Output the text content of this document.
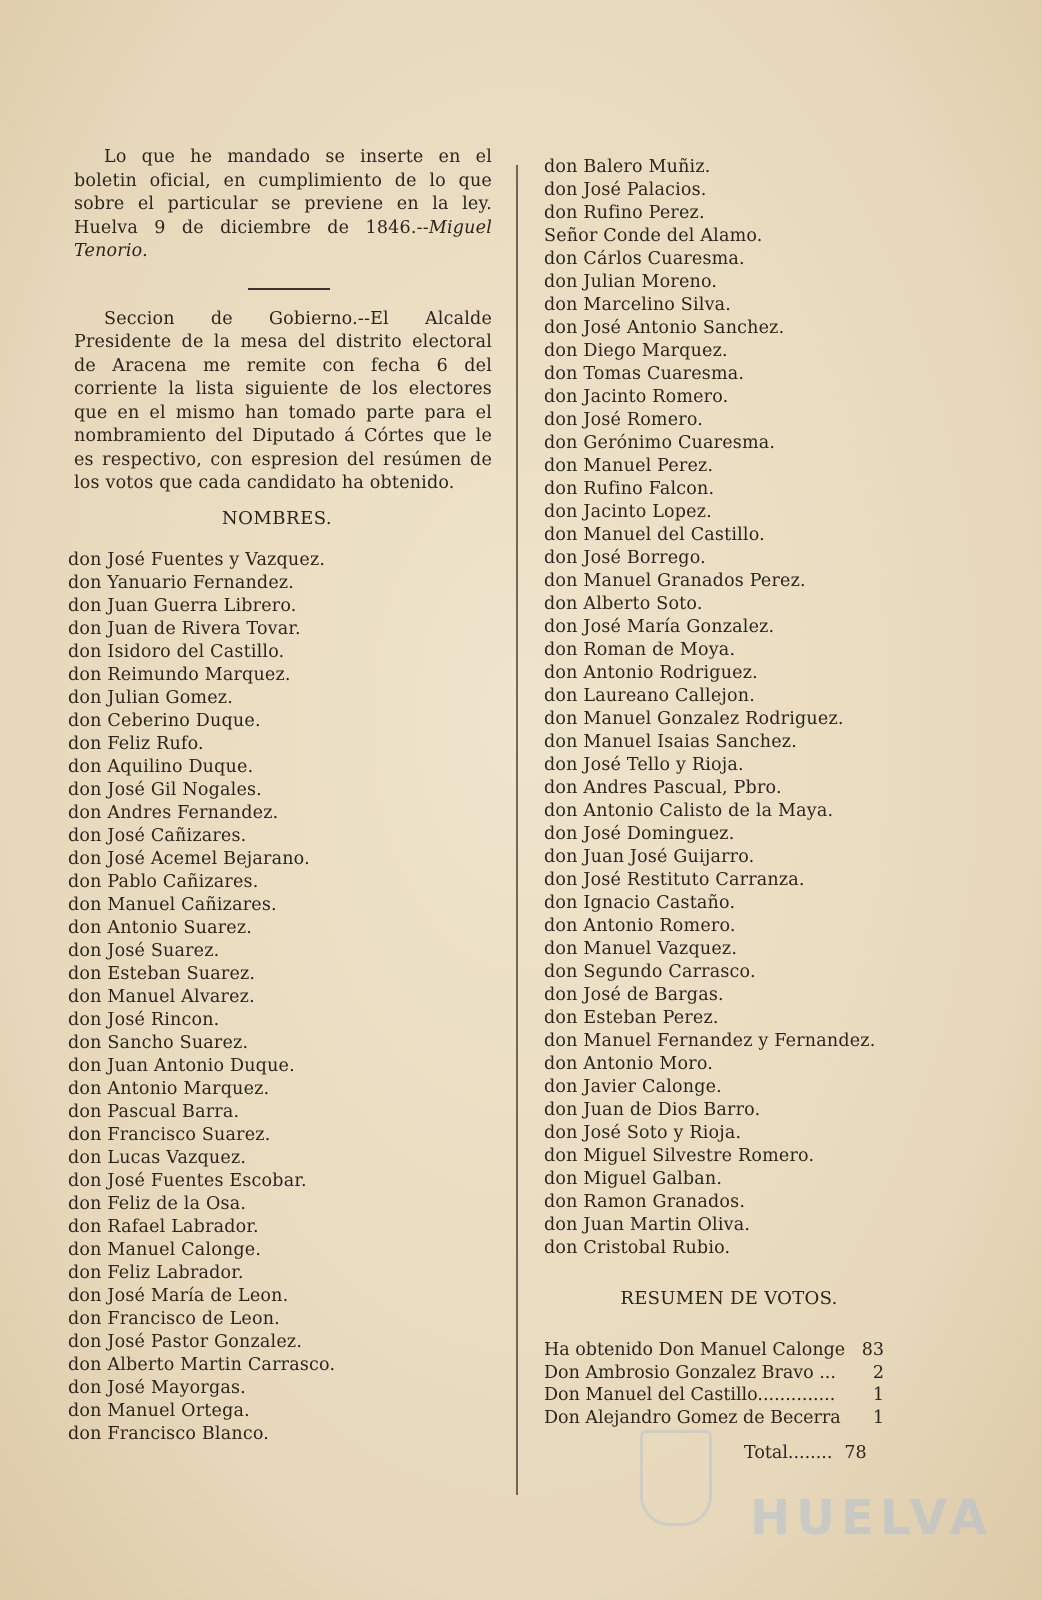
Lo que he mandado se inserte en el boletin oficial, en cumplimiento de lo que sobre el particular se previene en la ley. Huelva 9 de diciembre de 1846.--Miguel Tenorio.

Seccion de Gobierno.--El Alcalde Presidente de la mesa del distrito electoral de Aracena me remite con fecha 6 del corriente la lista siguiente de los electores que en el mismo han tomado parte para el nombramiento del Diputado á Córtes que le es respectivo, con espresion del resúmen de los votos que cada candidato ha obtenido.

NOMBRES.
don José Fuentes y Vazquez.
don Yanuario Fernandez.
don Juan Guerra Librero.
don Juan de Rivera Tovar.
don Isidoro del Castillo.
don Reimundo Marquez.
don Julian Gomez.
don Ceberino Duque.
don Feliz Rufo.
don Aquilino Duque.
don José Gil Nogales.
don Andres Fernandez.
don José Cañizares.
don José Acemel Bejarano.
don Pablo Cañizares.
don Manuel Cañizares.
don Antonio Suarez.
don José Suarez.
don Esteban Suarez.
don Manuel Alvarez.
don José Rincon.
don Sancho Suarez.
don Juan Antonio Duque.
don Antonio Marquez.
don Pascual Barra.
don Francisco Suarez.
don Lucas Vazquez.
don José Fuentes Escobar.
don Feliz de la Osa.
don Rafael Labrador.
don Manuel Calonge.
don Feliz Labrador.
don José María de Leon.
don Francisco de Leon.
don José Pastor Gonzalez.
don Alberto Martin Carrasco.
don José Mayorgas.
don Manuel Ortega.
don Francisco Blanco.
don Balero Muñiz.
don José Palacios.
don Rufino Perez.
Señor Conde del Alamo.
don Cárlos Cuaresma.
don Julian Moreno.
don Marcelino Silva.
don José Antonio Sanchez.
don Diego Marquez.
don Tomas Cuaresma.
don Jacinto Romero.
don José Romero.
don Gerónimo Cuaresma.
don Manuel Perez.
don Rufino Falcon.
don Jacinto Lopez.
don Manuel del Castillo.
don José Borrego.
don Manuel Granados Perez.
don Alberto Soto.
don José María Gonzalez.
don Roman de Moya.
don Antonio Rodriguez.
don Laureano Callejon.
don Manuel Gonzalez Rodriguez.
don Manuel Isaias Sanchez.
don José Tello y Rioja.
don Andres Pascual, Pbro.
don Antonio Calisto de la Maya.
don José Dominguez.
don Juan José Guijarro.
don José Restituto Carranza.
don Ignacio Castaño.
don Antonio Romero.
don Manuel Vazquez.
don Segundo Carrasco.
don José de Bargas.
don Esteban Perez.
don Manuel Fernandez y Fernandez.
don Antonio Moro.
don Javier Calonge.
don Juan de Dios Barro.
don José Soto y Rioja.
don Miguel Silvestre Romero.
don Miguel Galban.
don Ramon Granados.
don Juan Martin Oliva.
don Cristobal Rubio.
RESUMEN DE VOTOS.
Ha obtenido Don Manuel Calonge 83
Don Ambrosio Gonzalez Bravo ... 2
Don Manuel del Castillo.............. 1
Don Alejandro Gomez de Becerra 1
Total........ 78
HUELVA
